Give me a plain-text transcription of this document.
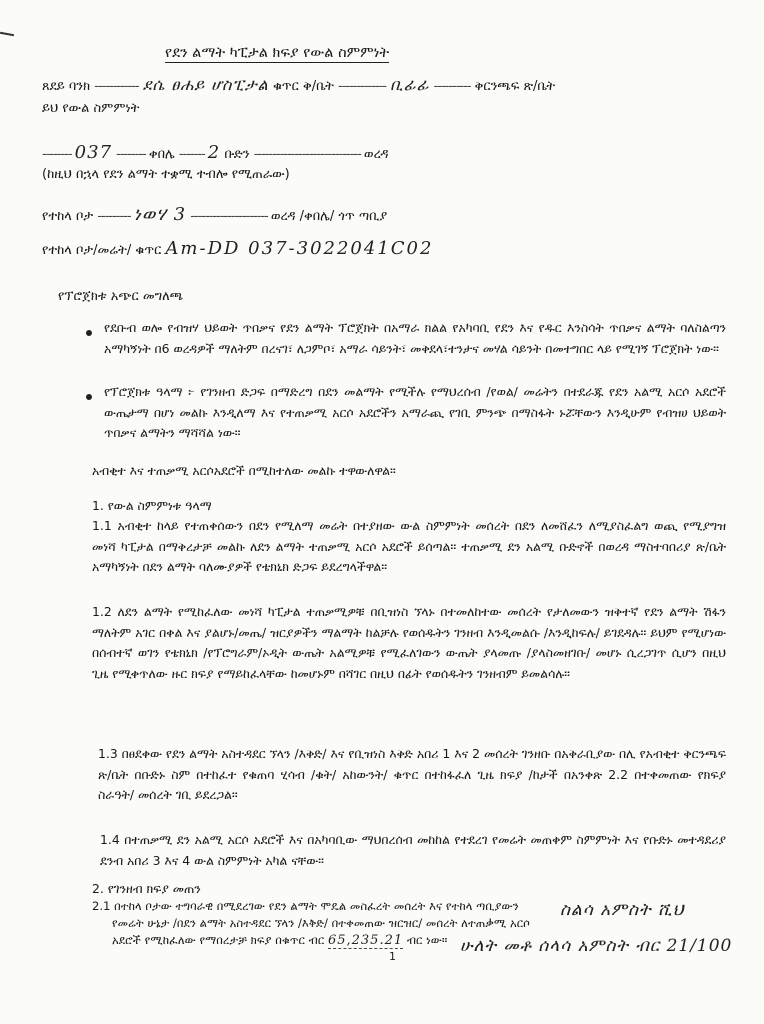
የደን ልማት ካፒታል ክፍያ የውል ስምምነት
ጸደይ ባንክ ------------ ደሴ ፀሐይ ሆስፒታል ቁጥር ቅ/ቤት ------------- ቢፊፊ ---------- ቅርንጫፍ ጽ/ቤት
ይህ የውል ስምምነት
-------- 037 -------- ቀበሌ ------- 2 ቡድን ----------------------------- ወረዳ
(ከዚህ በኋላ የደን ልማት ተቋሚ ተብሎ የሚጠራው)
የተከላ ቦታ --------- ነወሃ 3 --------------------- ወረዳ /ቀበሌ/ ጎጥ ጣቢያ
የተከላ ቦታ/መሬት/ ቁጥር Am-DD 037-3022041C02
የፕሮጀክቱ አጭር መግለጫ
የደቡብ ወሎ የብዝሃ ህይወት ጥበቃና የደን ልማት ፕሮጀክት በአማራ ክልል የአካባቢ የደን እና የዱር እንስሳት ጥበቃና ልማት ባለስልጣን አማካኝነት በ6 ወረዳዎች ማለትም በረናገ፣ ለጋምቦ፣ አማራ ሳይንት፣ መቅደላ፣ተንታና መሃል ሳይንት በመተግበር ላይ የሚገኝ ፕሮጀክት ነው።
የፕሮጀክቱ ዓላማ ፦ የገንዘብ ድጋፍ በማድረግ በደን መልማት የሚችሉ የማህረሰብ /የወል/ መሬትን በተደራጁ የደን አልሚ አርሶ አደሮች ውጤታማ በሆነ መልኩ እንዲለማ እና የተጠቃሚ አርሶ አደሮችን አማራጪ የገቢ ምንጭ በማስፋት ኑሯቸውን እንዲሁም የብዝሀ ህይወት ጥበቃና ልማትን ማሻሻል ነው።
አብቂተ እና ተጠቃሚ አርሶአደሮች በሚከተለው መልኩ ተዋውለዋል።
1. የውል ስምምነቱ ዓላማ
1.1 አብቂተ ከላይ የተጠቀሰውን በደን የሚለማ መሬት በተያዘው ውል ስምምነት መሰረት በደን ለመሸፈን ለሚያስፈልግ ወጪ የሚያግዝ መነሻ ካፒታል በማቅረታቻ መልኩ ለደን ልማት ተጠቃሚ አርሶ አደሮች ይሰጣል። ተጠቃሚ ደን አልሚ ቡድኖች በወረዳ ማስተባበሪያ ጽ/ቤት አማካኝነት በደን ልማት ባለሙያዎች የቴክኒክ ድጋፍ ይደረግላችዋል።
1.2 ለደን ልማት የሚከፈለው መነሻ ካፒታል ተጠቃሚዎቹ በቢዝነስ ኘላኑ በተመለከተው መሰረት የታለመውን ዝቅተኛ የደን ልማት ሽፋን ማለትም አገር በቀል እና ያልሆኑ/መጤ/ ዝርያዎችን ማልማት ከልቻሉ የወሰዱትን ገንዘብ እንዲመልሱ /እንዲከፍሉ/ ይገደዳሉ። ይህም የሚሆነው በሰብተኛ ወገን የቴክኒክ /የፕሮግራም/ኦዲት ውጤት አልሚዎቹ የሚፈለገውን ውጤት ያላመጡ /ያላስመዘገቡ/ መሆኑ ሲረጋገጥ ሲሆን በዚህ ጊዜ የሚቀጥለው ዙር ክፍያ የማይከፈላቸው ከመሆኑም በሻገር በዚህ በፊት የወሰዱትን ገንዘብም ይመልሳሉ።
1.3 በፀደቀው የደን ልማት አስተዳደር ኘላን /እቅድ/ እና የቢዝነስ እቅድ አበሪ 1 እና 2 መሰረት ገንዘቡ በአቅራቢያው በሊ የአብቂተ ቅርንጫፍ ጽ/ቤት በቡድኑ ስም በተከፈተ የቁጠባ ሂሳብ /ቁት/ አከውንት/ ቁጥር በተከፋፈለ ጊዜ ክፍያ /ከታች በአንቀጽ 2.2 በተቀመጠው የክፍያ ስራዓት/ መሰረት ገቢ ይደረጋል።
1.4 በተጠቃሚ ደን አልሚ አርሶ አደሮች እና በአካባቢው ማህበረሰብ መከከል የተደረገ የመሬት መጠቀም ስምምነት እና የቡድኑ መተዳደሪያ ደንብ አበሪ 3 እና 4 ውል ስምምነት አካል ናቸው።
2. የገንዘብ ክፍያ መጠን
2.1 በተከላ ቦታው ተግባራዊ በሚደረገው የደን ልማት ሞዴል መስፈረት መሰረት እና የተከላ ጣቢያውን
የመሬት ሁኔታ /በደን ልማት አስተዳደር ኘላን /እቅድ/ በተቀመጠው ዝርዝር/ መሰረት ለተጠቃሚ አርሶ
አደሮች የሚከፈለው የማበረታቻ ክፍያ በቁጥር ብር 65,235.21 ብር ነው።
ስልሳ አምስት ሺህ
ሁለት መቶ ሰላሳ አምስት ብር 21/100
1
